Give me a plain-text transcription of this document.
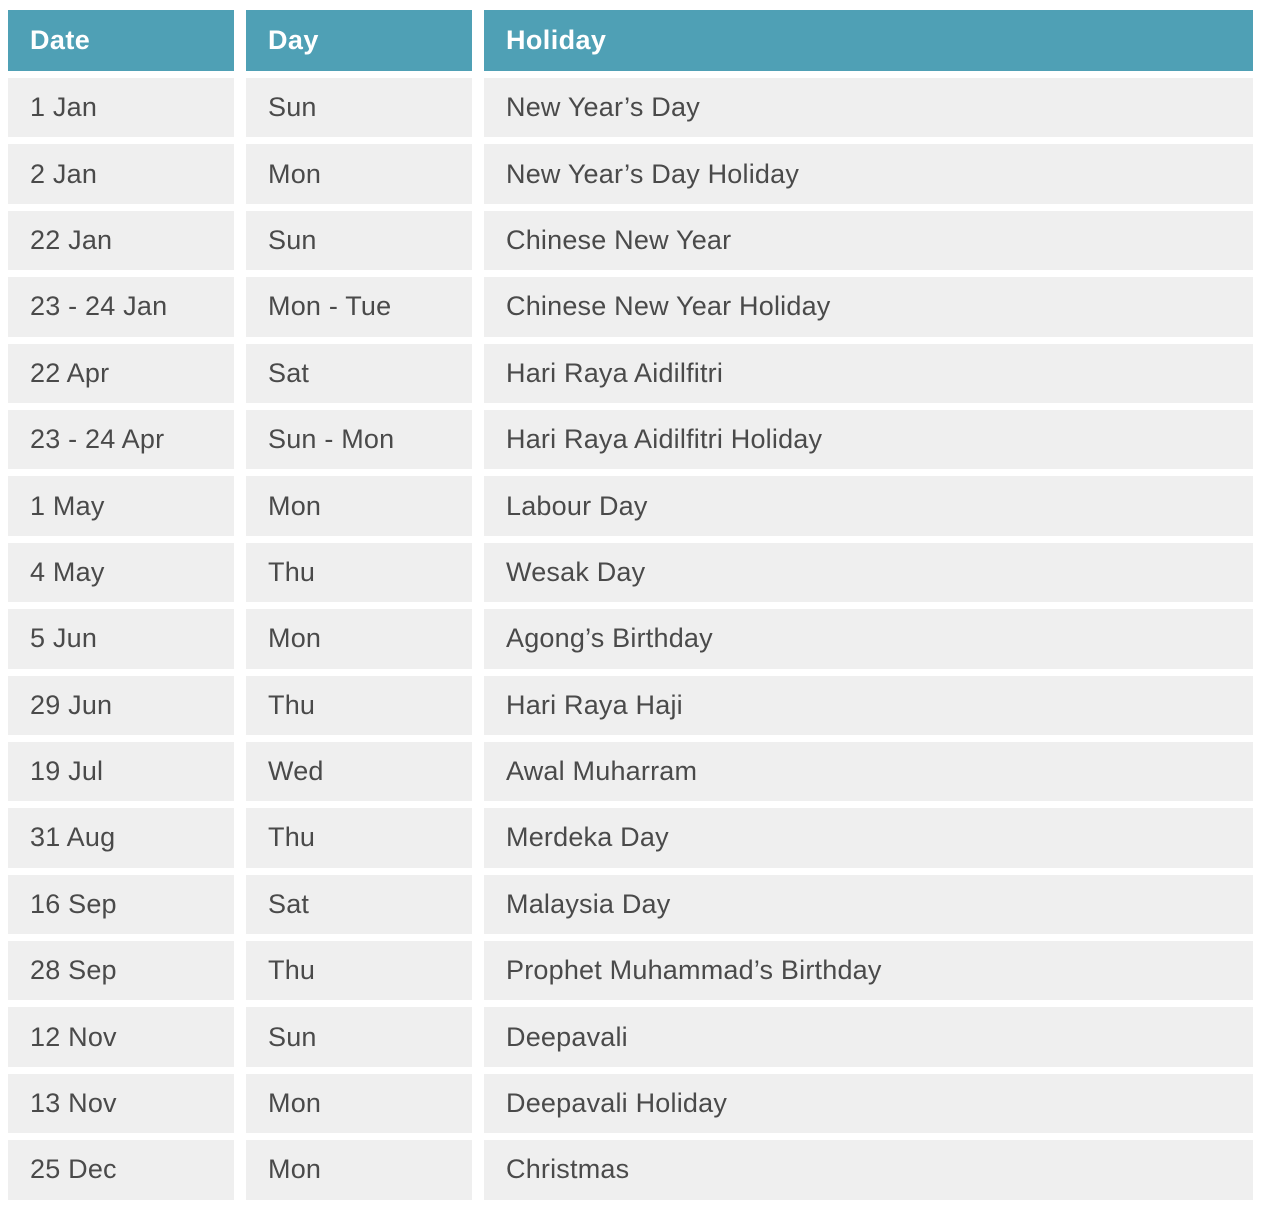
Date	Day	Holiday
1 Jan	Sun	New Year’s Day
2 Jan	Mon	New Year’s Day Holiday
22 Jan	Sun	Chinese New Year
23 - 24 Jan	Mon - Tue	Chinese New Year Holiday
22 Apr	Sat	Hari Raya Aidilfitri
23 - 24 Apr	Sun - Mon	Hari Raya Aidilfitri Holiday
1 May	Mon	Labour Day
4 May	Thu	Wesak Day
5 Jun	Mon	Agong’s Birthday
29 Jun	Thu	Hari Raya Haji
19 Jul	Wed	Awal Muharram
31 Aug	Thu	Merdeka Day
16 Sep	Sat	Malaysia Day
28 Sep	Thu	Prophet Muhammad’s Birthday
12 Nov	Sun	Deepavali
13 Nov	Mon	Deepavali Holiday
25 Dec	Mon	Christmas
